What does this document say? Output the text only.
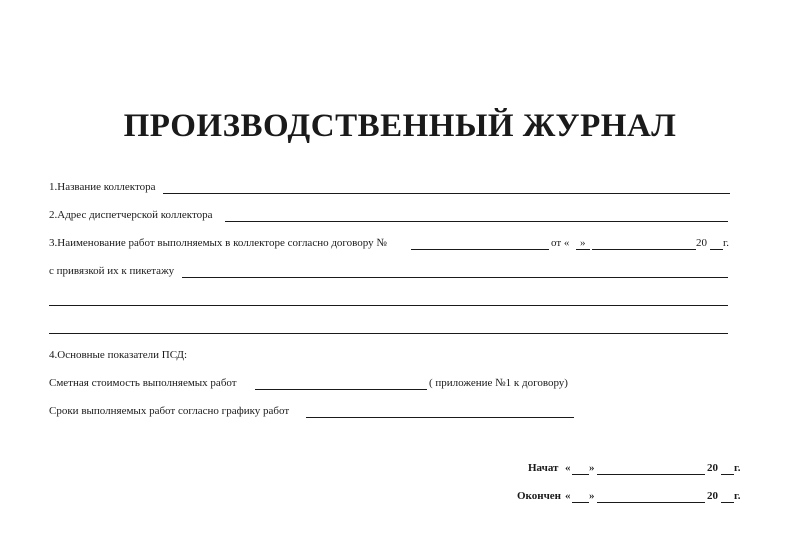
ПРОИЗВОДСТВЕННЫЙ ЖУРНАЛ
1.Название коллектора
2.Адрес диспетчерской коллектора
3.Наименование работ выполняемых в коллекторе согласно договору №	от « »	20 г.
с привязкой их к пикетажу
4.Основные показатели ПСД:
Сметная стоимость выполняемых работ	( приложение №1 к договору)
Сроки выполняемых работ согласно графику работ
Начат « »	20 г.
Окончен « »	20 г.
